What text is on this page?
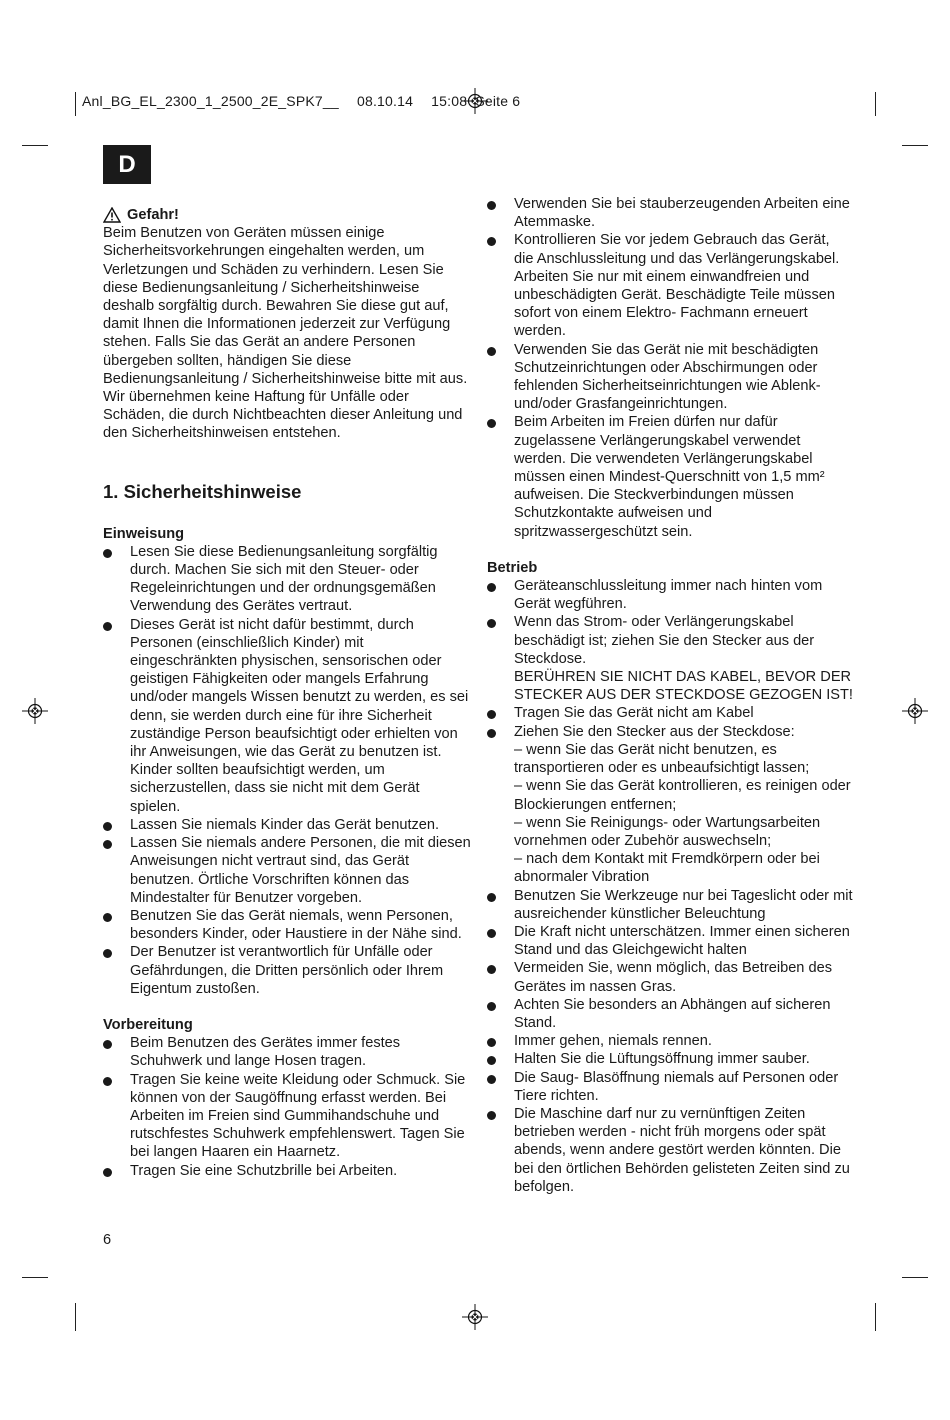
Anl_BG_EL_2300_1_2500_2E_SPK7__ 08.10.14 15:08 Seite 6
D
Gefahr!

Beim Benutzen von Geräten müssen einige Sicherheitsvorkehrungen eingehalten werden, um Verletzungen und Schäden zu verhindern. Lesen Sie diese Bedienungsanleitung / Sicherheitshinweise deshalb sorgfältig durch. Bewahren Sie diese gut auf, damit Ihnen die Informationen jederzeit zur Verfügung stehen. Falls Sie das Gerät an andere Personen übergeben sollten, händigen Sie diese Bedienungsanleitung / Sicherheitshinweise bitte mit aus. Wir übernehmen keine Haftung für Unfälle oder Schäden, die durch Nichtbeachten dieser Anleitung und den Sicherheitshinweisen entstehen.

1. Sicherheitshinweise
Einweisung
Lesen Sie diese Bedienungsanleitung sorgfältig durch. Machen Sie sich mit den Steuer- oder Regeleinrichtungen und der ordnungsgemäßen Verwendung des Gerätes vertraut.
Dieses Gerät ist nicht dafür bestimmt, durch Personen (einschließlich Kinder) mit eingeschränkten physischen, sensorischen oder geistigen Fähigkeiten oder mangels Erfahrung und/oder mangels Wissen benutzt zu werden, es sei denn, sie werden durch eine für ihre Sicherheit zuständige Person beaufsichtigt oder erhielten von ihr Anweisungen, wie das Gerät zu benutzen ist. Kinder sollten beaufsichtigt werden, um sicherzustellen, dass sie nicht mit dem Gerät spielen.
Lassen Sie niemals Kinder das Gerät benutzen.
Lassen Sie niemals andere Personen, die mit diesen Anweisungen nicht vertraut sind, das Gerät benutzen. Örtliche Vorschriften können das Mindestalter für Benutzer vorgeben.
Benutzen Sie das Gerät niemals, wenn Personen, besonders Kinder, oder Haustiere in der Nähe sind.
Der Benutzer ist verantwortlich für Unfälle oder Gefährdungen, die Dritten persönlich oder Ihrem Eigentum zustoßen.
Vorbereitung
Beim Benutzen des Gerätes immer festes Schuhwerk und lange Hosen tragen.
Tragen Sie keine weite Kleidung oder Schmuck. Sie können von der Saugöffnung erfasst werden. Bei Arbeiten im Freien sind Gummihandschuhe und rutschfestes Schuhwerk empfehlenswert. Tagen Sie bei langen Haaren ein Haarnetz.
Tragen Sie eine Schutzbrille bei Arbeiten.
Verwenden Sie bei stauberzeugenden Arbeiten eine Atemmaske.
Kontrollieren Sie vor jedem Gebrauch das Gerät, die Anschlussleitung und das Verlängerungskabel. Arbeiten Sie nur mit einem einwandfreien und unbeschädigten Gerät. Beschädigte Teile müssen sofort von einem Elektro- Fachmann erneuert werden.
Verwenden Sie das Gerät nie mit beschädigten Schutzeinrichtungen oder Abschirmungen oder fehlenden Sicherheitseinrichtungen wie Ablenk- und/oder Grasfangeinrichtungen.
Beim Arbeiten im Freien dürfen nur dafür zugelassene Verlängerungskabel verwendet werden. Die verwendeten Verlängerungskabel müssen einen Mindest-Querschnitt von 1,5 mm² aufweisen. Die Steckverbindungen müssen Schutzkontakte aufweisen und spritzwassergeschützt sein.
Betrieb
Geräteanschlussleitung immer nach hinten vom Gerät wegführen.
Wenn das Strom- oder Verlängerungskabel beschädigt ist; ziehen Sie den Stecker aus der Steckdose.
BERÜHREN SIE NICHT DAS KABEL, BEVOR DER STECKER AUS DER STECKDOSE GEZOGEN IST!
Tragen Sie das Gerät nicht am Kabel
Ziehen Sie den Stecker aus der Steckdose:
– wenn Sie das Gerät nicht benutzen, es transportieren oder es unbeaufsichtigt lassen;
– wenn Sie das Gerät kontrollieren, es reinigen oder Blockierungen entfernen;
– wenn Sie Reinigungs- oder Wartungsarbeiten vornehmen oder Zubehör auswechseln;
– nach dem Kontakt mit Fremdkörpern oder bei abnormaler Vibration
Benutzen Sie Werkzeuge nur bei Tageslicht oder mit ausreichender künstlicher Beleuchtung
Die Kraft nicht unterschätzen. Immer einen sicheren Stand und das Gleichgewicht halten
Vermeiden Sie, wenn möglich, das Betreiben des Gerätes im nassen Gras.
Achten Sie besonders an Abhängen auf sicheren Stand.
Immer gehen, niemals rennen.
Halten Sie die Lüftungsöffnung immer sauber.
Die Saug- Blasöffnung niemals auf Personen oder Tiere richten.
Die Maschine darf nur zu vernünftigen Zeiten betrieben werden - nicht früh morgens oder spät abends, wenn andere gestört werden könnten. Die bei den örtlichen Behörden gelisteten Zeiten sind zu befolgen.
6
